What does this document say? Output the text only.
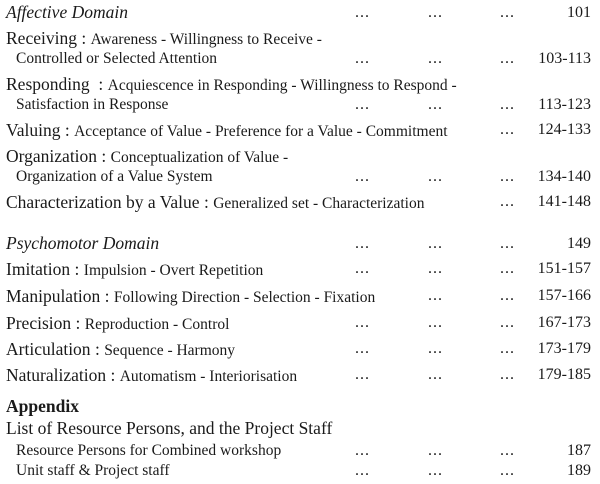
Affective Domain	...	...	...	101
Receiving : Awareness - Willingness to Receive -
Controlled or Selected Attention	...	...	... 103-113
Responding  : Acquiescence in Responding - Willingness to Respond -
Satisfaction in Response	...	...	... 113-123
Valuing : Acceptance of Value - Preference for a Value - Commitment	... 124-133
Organization : Conceptualization of Value -
Organization of a Value System	...	...	... 134-140
Characterization by a Value : Generalized set - Characterization	... 141-148
Psychomotor Domain	...	...	...	149
Imitation : Impulsion - Overt Repetition	...	...	... 151-157
Manipulation : Following Direction - Selection - Fixation	...	... 157-166
Precision : Reproduction - Control	...	...	... 167-173
Articulation : Sequence - Harmony	...	...	... 173-179
Naturalization : Automatism - Interiorisation	...	...	... 179-185
Appendix
List of Resource Persons, and the Project Staff
Resource Persons for Combined workshop	...	...	...	187
Unit staff & Project staff	...	...	...	189
